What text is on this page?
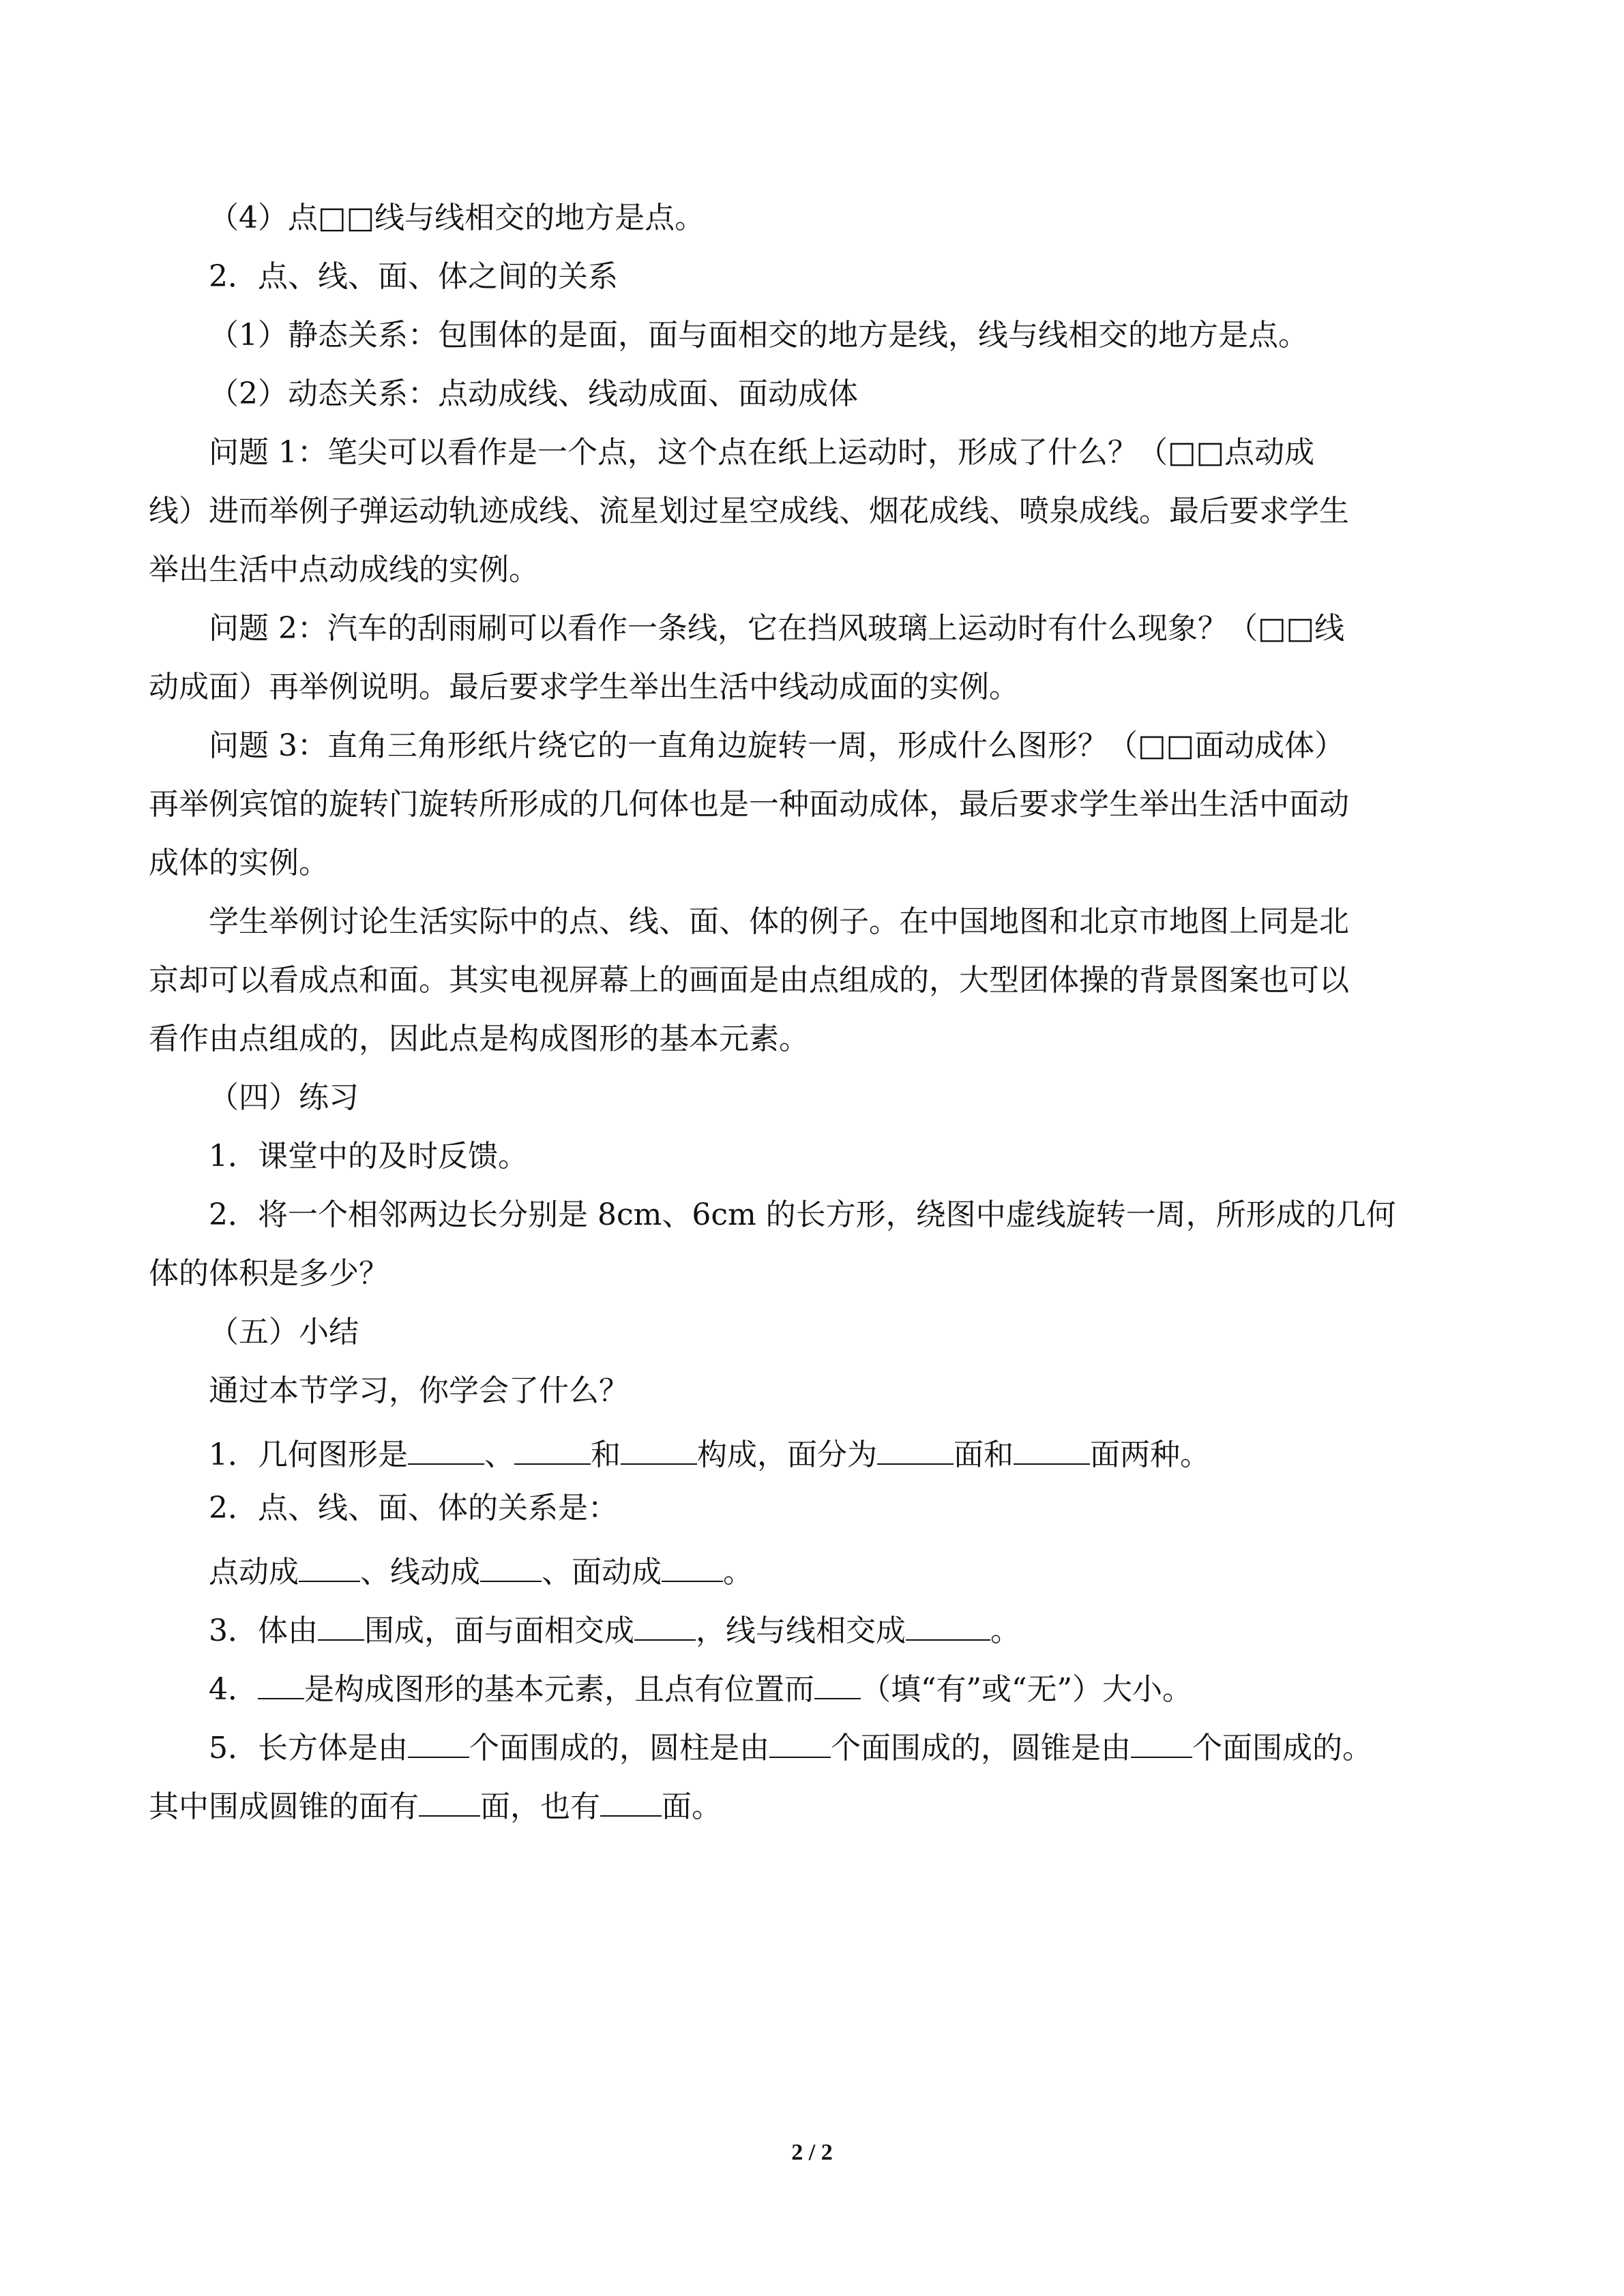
（4）点□□线与线相交的地方是点。
2．点、线、面、体之间的关系
（1）静态关系：包围体的是面，面与面相交的地方是线，线与线相交的地方是点。
（2）动态关系：点动成线、线动成面、面动成体
问题 1：笔尖可以看作是一个点，这个点在纸上运动时，形成了什么？（□□点动成
线）进而举例子弹运动轨迹成线、流星划过星空成线、烟花成线、喷泉成线。最后要求学生
举出生活中点动成线的实例。
问题 2：汽车的刮雨刷可以看作一条线，它在挡风玻璃上运动时有什么现象？（□□线
动成面）再举例说明。最后要求学生举出生活中线动成面的实例。
问题 3：直角三角形纸片绕它的一直角边旋转一周，形成什么图形？（□□面动成体）
再举例宾馆的旋转门旋转所形成的几何体也是一种面动成体，最后要求学生举出生活中面动
成体的实例。
学生举例讨论生活实际中的点、线、面、体的例子。在中国地图和北京市地图上同是北
京却可以看成点和面。其实电视屏幕上的画面是由点组成的，大型团体操的背景图案也可以
看作由点组成的，因此点是构成图形的基本元素。
（四）练习
1．课堂中的及时反馈。
2．将一个相邻两边长分别是 8cm、6cm 的长方形，绕图中虚线旋转一周，所形成的几何
体的体积是多少？
（五）小结
通过本节学习，你学会了什么？
1．几何图形是	、	和	构成，面分为	面和	面两种。
2．点、线、面、体的关系是：
点动成 、线动成 、面动成 。
3．体由 围成，面与面相交成 ，线与线相交成	。
4． 是构成图形的基本元素，且点有位置而 （填“有”或“无”）大小。
5．长方体是由 个面围成的，圆柱是由 个面围成的，圆锥是由 个面围成的。
其中围成圆锥的面有 面，也有 面。
2 / 2
